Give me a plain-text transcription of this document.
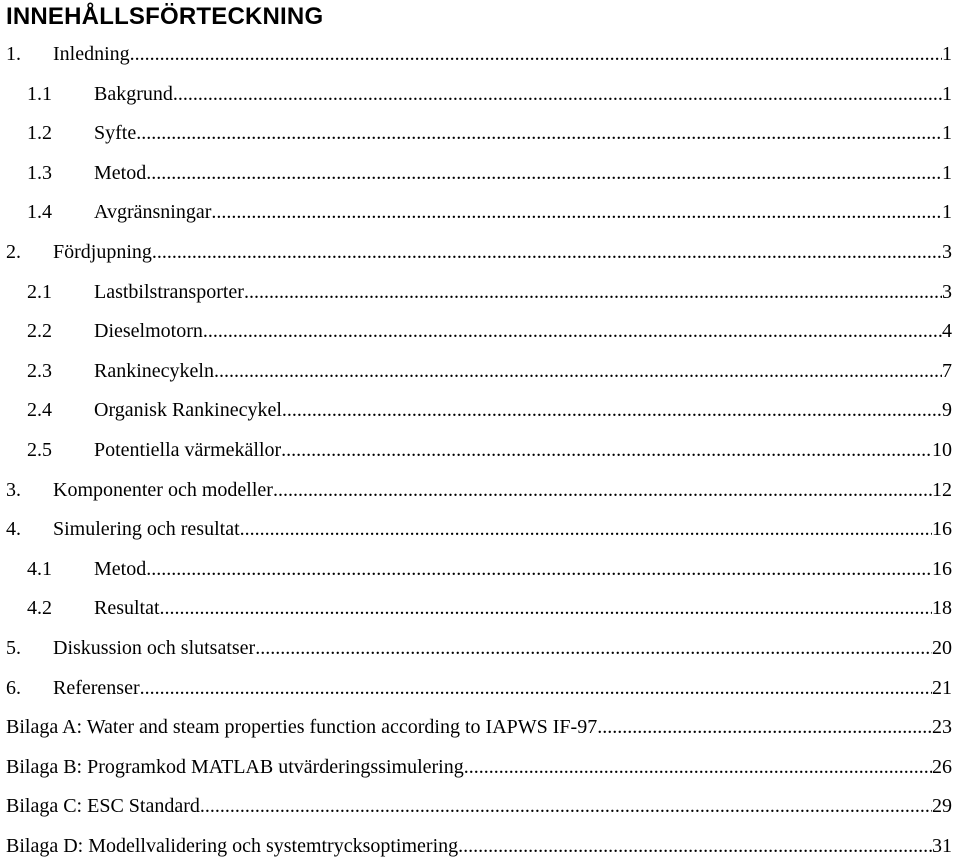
INNEHÅLLSFÖRTECKNING
1.	Inledning .....	1
1.1	Bakgrund .....	1
1.2	Syfte .....	1
1.3	Metod .....	1
1.4	Avgränsningar .....	1
2.	Fördjupning .....	3
2.1	Lastbilstransporter .....	3
2.2	Dieselmotorn .....	4
2.3	Rankinecykeln .....	7
2.4	Organisk Rankinecykel .....	9
2.5	Potentiella värmekällor .....	10
3.	Komponenter och modeller .....	12
4.	Simulering och resultat .....	16
4.1	Metod .....	16
4.2	Resultat .....	18
5.	Diskussion och slutsatser .....	20
6.	Referenser .....	21
Bilaga A: Water and steam properties function according to IAPWS IF-97 .....	23
Bilaga B: Programkod MATLAB utvärderingssimulering .....	26
Bilaga C: ESC Standard .....	29
Bilaga D: Modellvalidering och systemtrycksoptimering .....	31
